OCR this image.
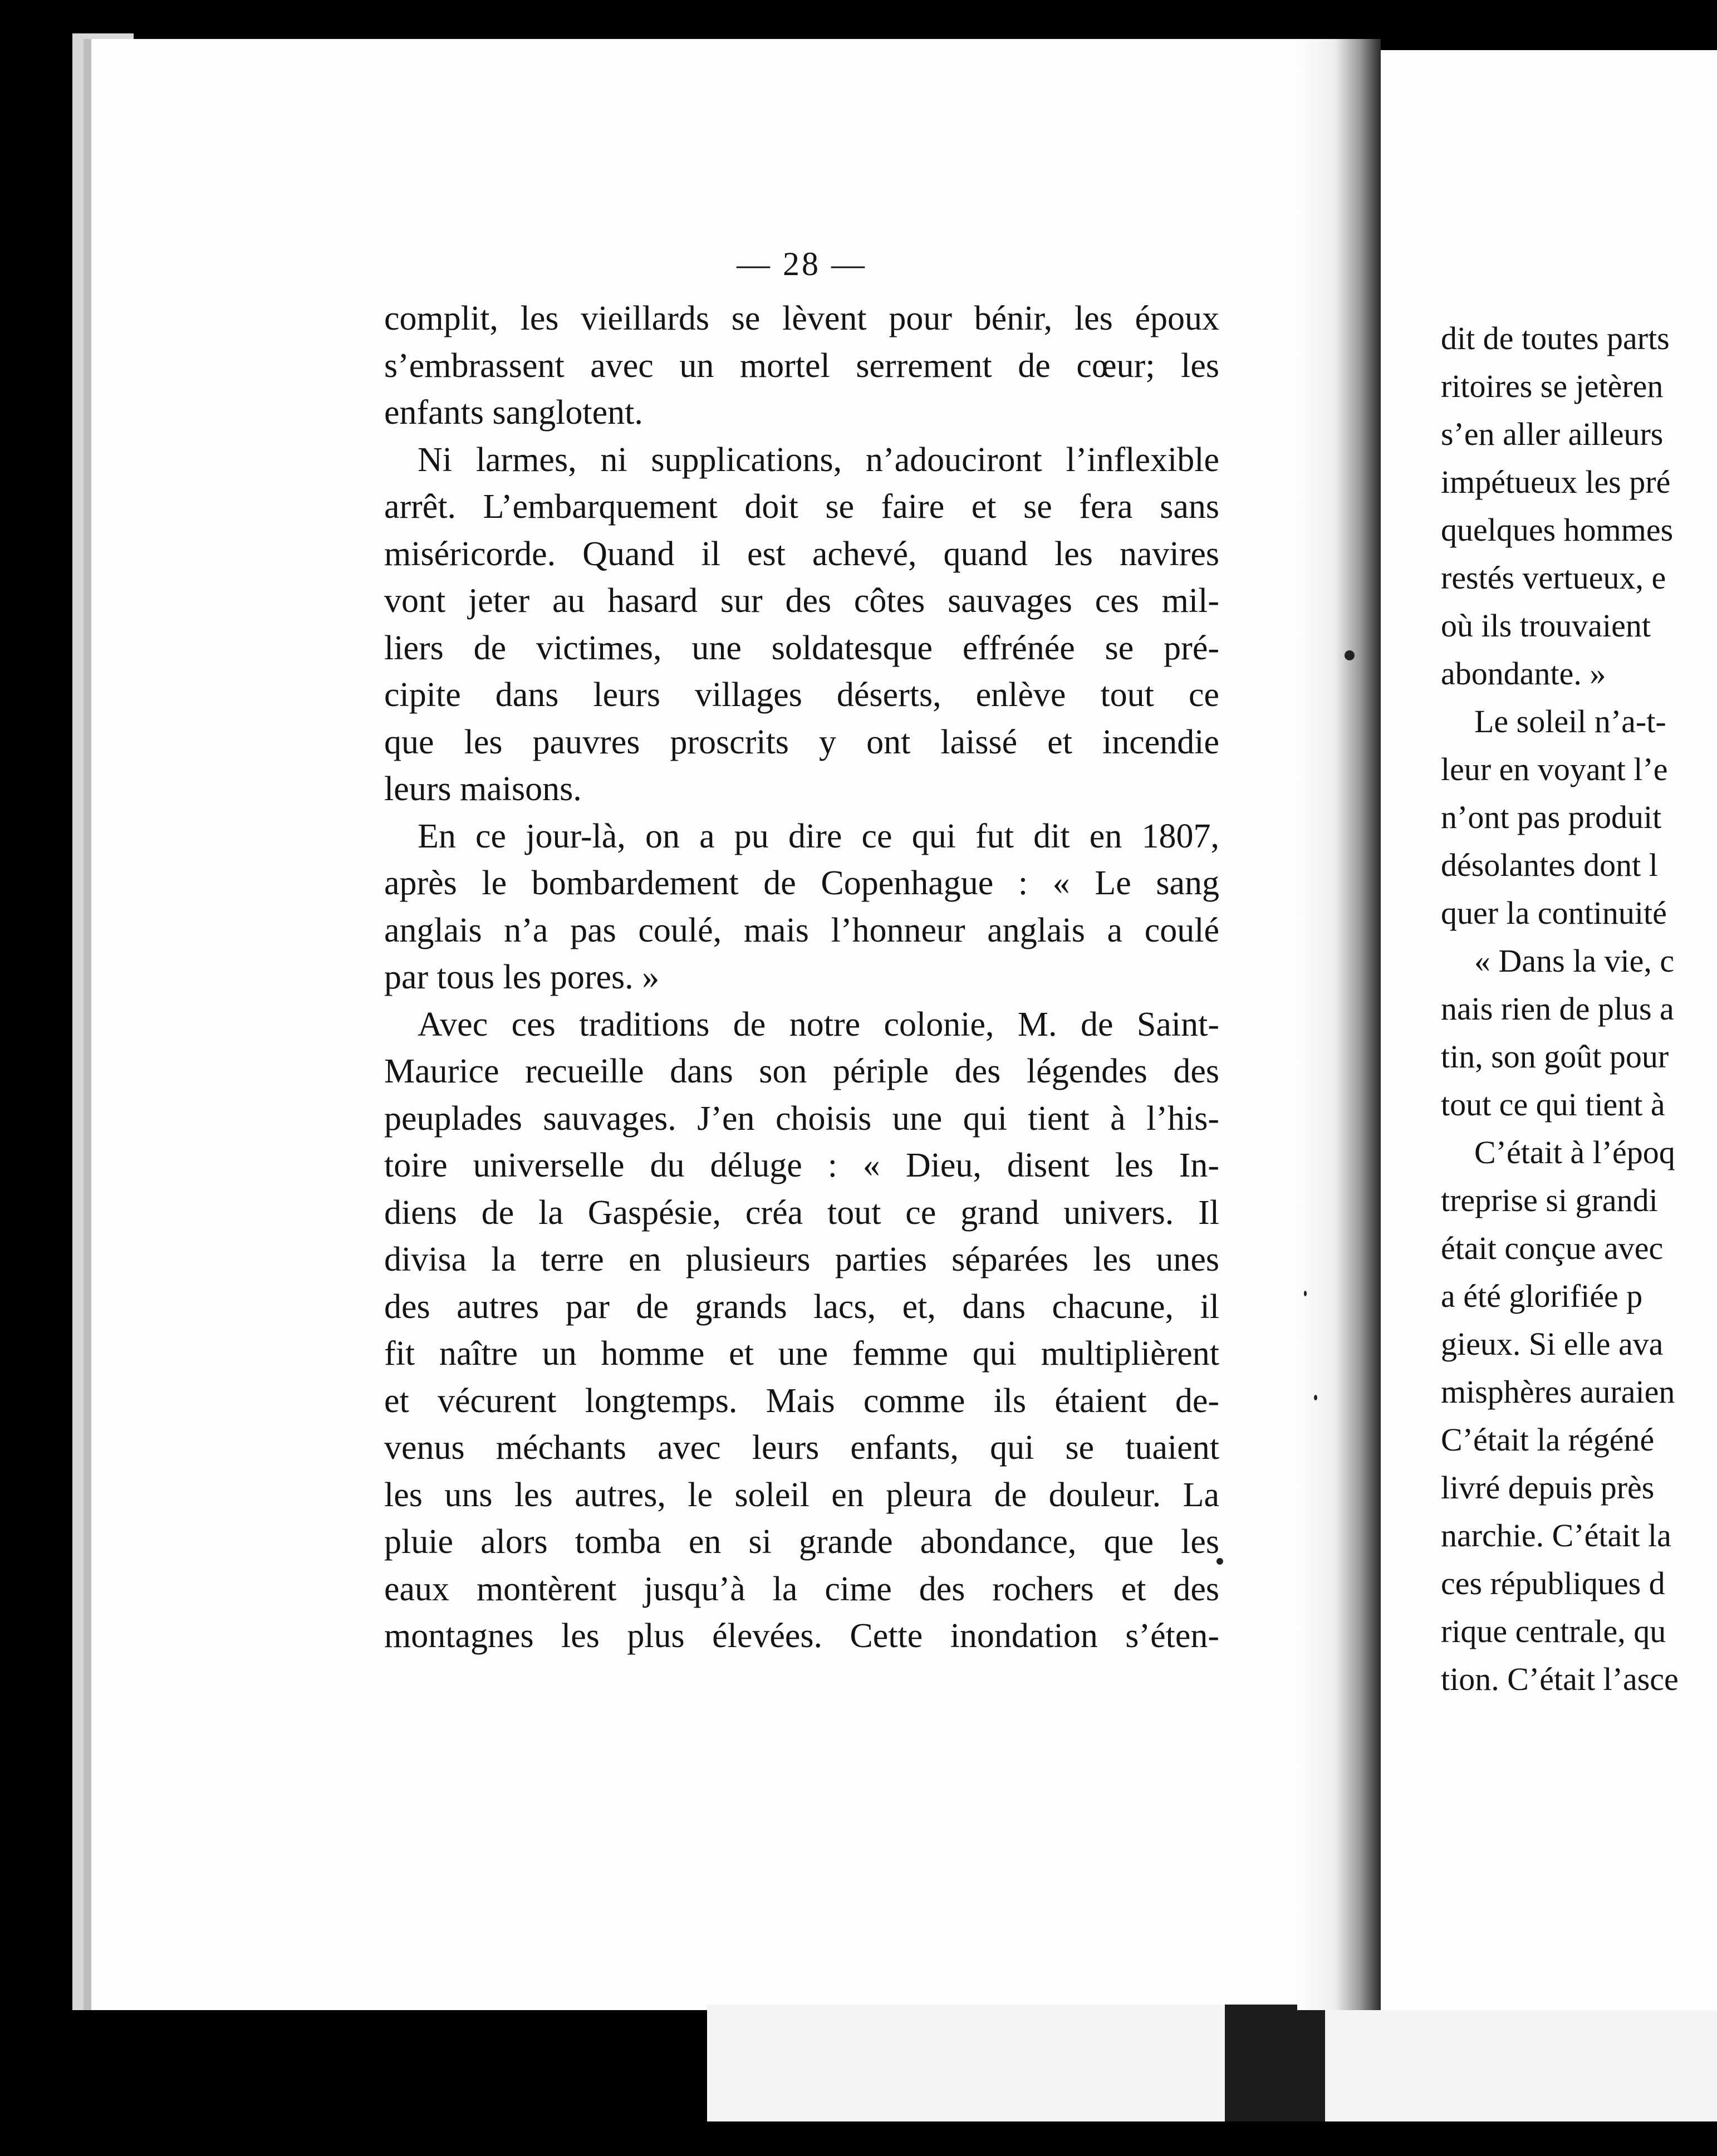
— 28 —
complit, les vieillards se lèvent pour bénir, les époux
s’embrassent avec un mortel serrement de cœur; les
enfants sanglotent.
Ni larmes, ni supplications, n’adouciront l’inflexible
arrêt. L’embarquement doit se faire et se fera sans
miséricorde. Quand il est achevé, quand les navires
vont jeter au hasard sur des côtes sauvages ces mil-
liers de victimes, une soldatesque effrénée se pré-
cipite dans leurs villages déserts, enlève tout ce
que les pauvres proscrits y ont laissé et incendie
leurs maisons.
En ce jour-là, on a pu dire ce qui fut dit en 1807,
après le bombardement de Copenhague : « Le sang
anglais n’a pas coulé, mais l’honneur anglais a coulé
par tous les pores. »
Avec ces traditions de notre colonie, M. de Saint-
Maurice recueille dans son périple des légendes des
peuplades sauvages. J’en choisis une qui tient à l’his-
toire universelle du déluge : « Dieu, disent les In-
diens de la Gaspésie, créa tout ce grand univers. Il
divisa la terre en plusieurs parties séparées les unes
des autres par de grands lacs, et, dans chacune, il
fit naître un homme et une femme qui multiplièrent
et vécurent longtemps. Mais comme ils étaient de-
venus méchants avec leurs enfants, qui se tuaient
les uns les autres, le soleil en pleura de douleur. La
pluie alors tomba en si grande abondance, que les
eaux montèrent jusqu’à la cime des rochers et des
montagnes les plus élevées. Cette inondation s’éten-
dit de toutes parts
ritoires se jetèren
s’en aller ailleurs
impétueux les pré
quelques hommes
restés vertueux, e
où ils trouvaient
abondante. »
Le soleil n’a-t-
leur en voyant l’e
n’ont pas produit
désolantes dont l
quer la continuité
« Dans la vie, c
nais rien de plus a
tin, son goût pour
tout ce qui tient à
C’était à l’époq
treprise si grandi
était conçue avec
a été glorifiée p
gieux. Si elle ava
misphères auraien
C’était la régéné
livré depuis près
narchie. C’était la
ces républiques d
rique centrale, qu
tion. C’était l’asce
